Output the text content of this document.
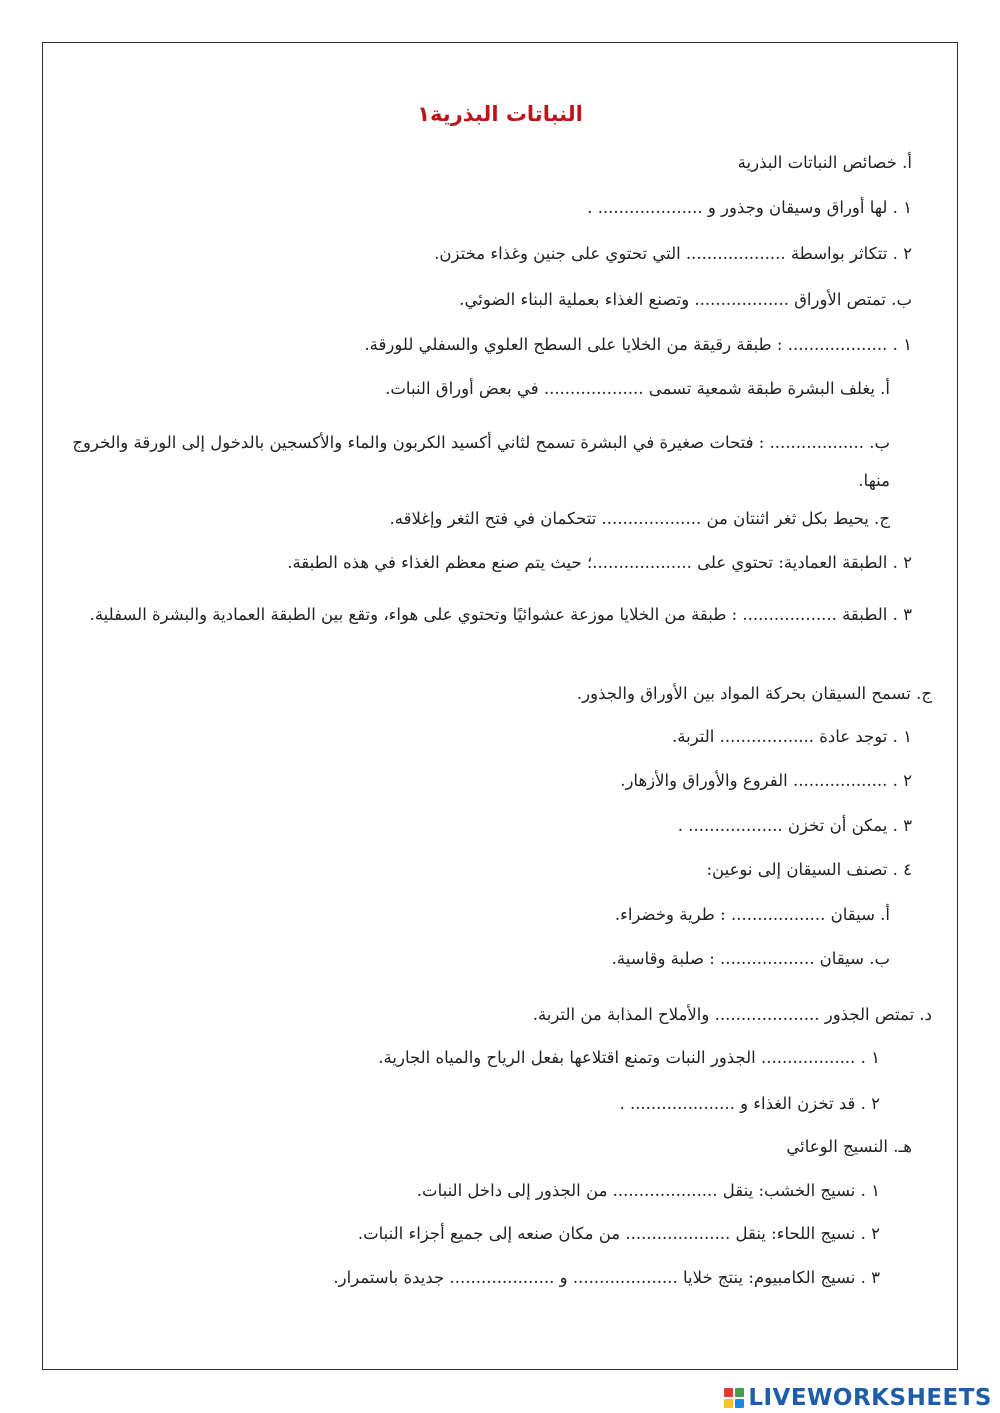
النباتات البذرية١
أ. خصائص النباتات البذرية
١ . لها أوراق وسيقان وجذور و .................... .
٢ . تتكاثر بواسطة ................... التي تحتوي على جنين وغذاء مختزن.
ب. تمتص الأوراق .................. وتصنع الغذاء بعملية البناء الضوئي.
١ . ................... : طبقة رقيقة من الخلايا على السطح العلوي والسفلي للورقة.
أ. يغلف البشرة طبقة شمعية تسمى ................... في بعض أوراق النبات.
ب. .................. : فتحات صغيرة في البشرة تسمح لثاني أكسيد الكربون والماء والأكسجين بالدخول إلى الورقة والخروج منها.
ج. يحيط بكل ثغر اثنتان من ................... تتحكمان في فتح الثغر وإغلاقه.
٢ . الطبقة العمادية: تحتوي على ...................؛ حيث يتم صنع معظم الغذاء في هذه الطبقة.
٣ . الطبقة .................. : طبقة من الخلايا موزعة عشوائيًا وتحتوي على هواء، وتقع بين الطبقة العمادية والبشرة السفلية.
ج. تسمح السيقان بحركة المواد بين الأوراق والجذور.
١ . توجد عادة .................. التربة.
٢ . .................. الفروع والأوراق والأزهار.
٣ . يمكن أن تخزن .................. .
٤ . تصنف السيقان إلى نوعين:
أ. سيقان .................. : طرية وخضراء.
ب. سيقان .................. : صلبة وقاسية.
د. تمتص الجذور .................... والأملاح المذابة من التربة.
١ . .................. الجذور النبات وتمنع اقتلاعها بفعل الرياح والمياه الجارية.
٢ . قد تخزن الغذاء و .................... .
هـ. النسيج الوعائي
١ . نسيج الخشب: ينقل .................... من الجذور إلى داخل النبات.
٢ . نسيج اللحاء: ينقل .................... من مكان صنعه إلى جميع أجزاء النبات.
٣ . نسيج الكامبيوم: ينتج خلايا .................... و .................... جديدة باستمرار.
LIVEWORKSHEETS
